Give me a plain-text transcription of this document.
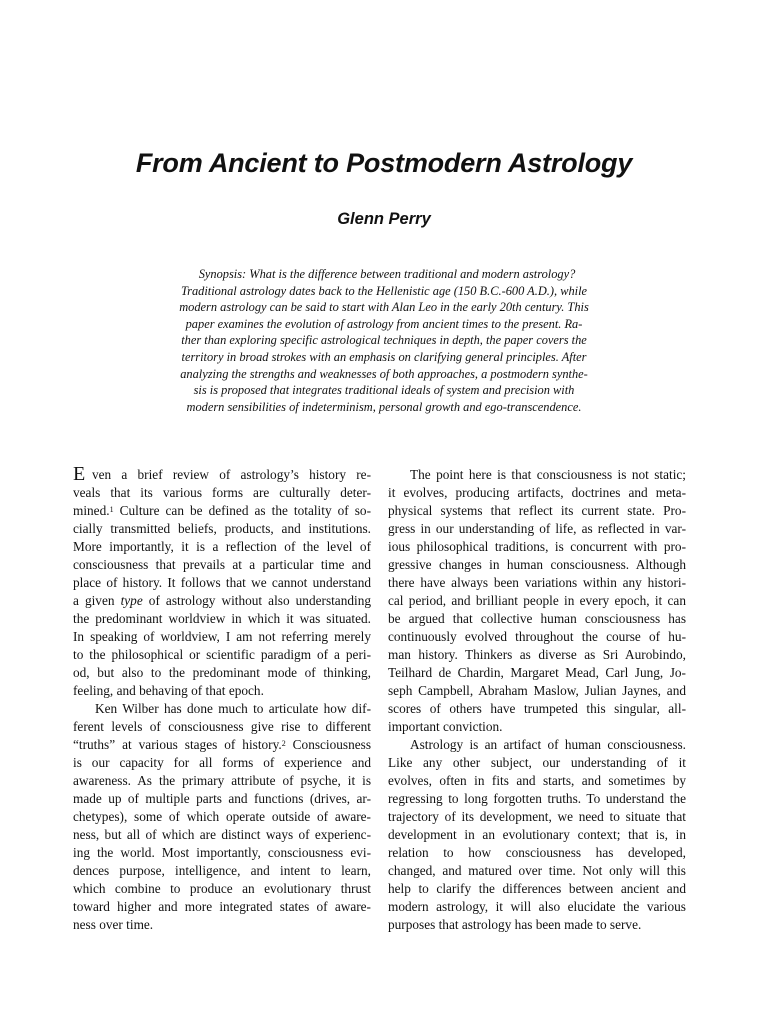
From Ancient to Postmodern Astrology
Glenn Perry
Synopsis: What is the difference between traditional and modern astrology?
Traditional astrology dates back to the Hellenistic age (150 B.C.-600 A.D.), while
modern astrology can be said to start with Alan Leo in the early 20th century. This
paper examines the evolution of astrology from ancient times to the present. Ra-
ther than exploring specific astrological techniques in depth, the paper covers the
territory in broad strokes with an emphasis on clarifying general principles. After
analyzing the strengths and weaknesses of both approaches, a postmodern synthe-
sis is proposed that integrates traditional ideals of system and precision with
modern sensibilities of indeterminism, personal growth and ego-transcendence.
E ven a brief review of astrology’s history re-
veals that its various forms are culturally deter-
mined.$^1$ Culture can be defined as the totality of so-
cially transmitted beliefs, products, and institutions.
More importantly, it is a reflection of the level of
consciousness that prevails at a particular time and
place of history. It follows that we cannot understand
a given type of astrology without also understanding
the predominant worldview in which it was situated.
In speaking of worldview, I am not referring merely
to the philosophical or scientific paradigm of a peri-
od, but also to the predominant mode of thinking,
feeling, and behaving of that epoch.
Ken Wilber has done much to articulate how dif-
ferent levels of consciousness give rise to different
“truths” at various stages of history.$^2$ Consciousness
is our capacity for all forms of experience and
awareness. As the primary attribute of psyche, it is
made up of multiple parts and functions (drives, ar-
chetypes), some of which operate outside of aware-
ness, but all of which are distinct ways of experienc-
ing the world. Most importantly, consciousness evi-
dences purpose, intelligence, and intent to learn,
which combine to produce an evolutionary thrust
toward higher and more integrated states of aware-
ness over time.
The point here is that consciousness is not static;
it evolves, producing artifacts, doctrines and meta-
physical systems that reflect its current state. Pro-
gress in our understanding of life, as reflected in var-
ious philosophical traditions, is concurrent with pro-
gressive changes in human consciousness. Although
there have always been variations within any histori-
cal period, and brilliant people in every epoch, it can
be argued that collective human consciousness has
continuously evolved throughout the course of hu-
man history. Thinkers as diverse as Sri Aurobindo,
Teilhard de Chardin, Margaret Mead, Carl Jung, Jo-
seph Campbell, Abraham Maslow, Julian Jaynes, and
scores of others have trumpeted this singular, all-
important conviction.
Astrology is an artifact of human consciousness.
Like any other subject, our understanding of it
evolves, often in fits and starts, and sometimes by
regressing to long forgotten truths. To understand the
trajectory of its development, we need to situate that
development in an evolutionary context; that is, in
relation to how consciousness has developed,
changed, and matured over time. Not only will this
help to clarify the differences between ancient and
modern astrology, it will also elucidate the various
purposes that astrology has been made to serve.
